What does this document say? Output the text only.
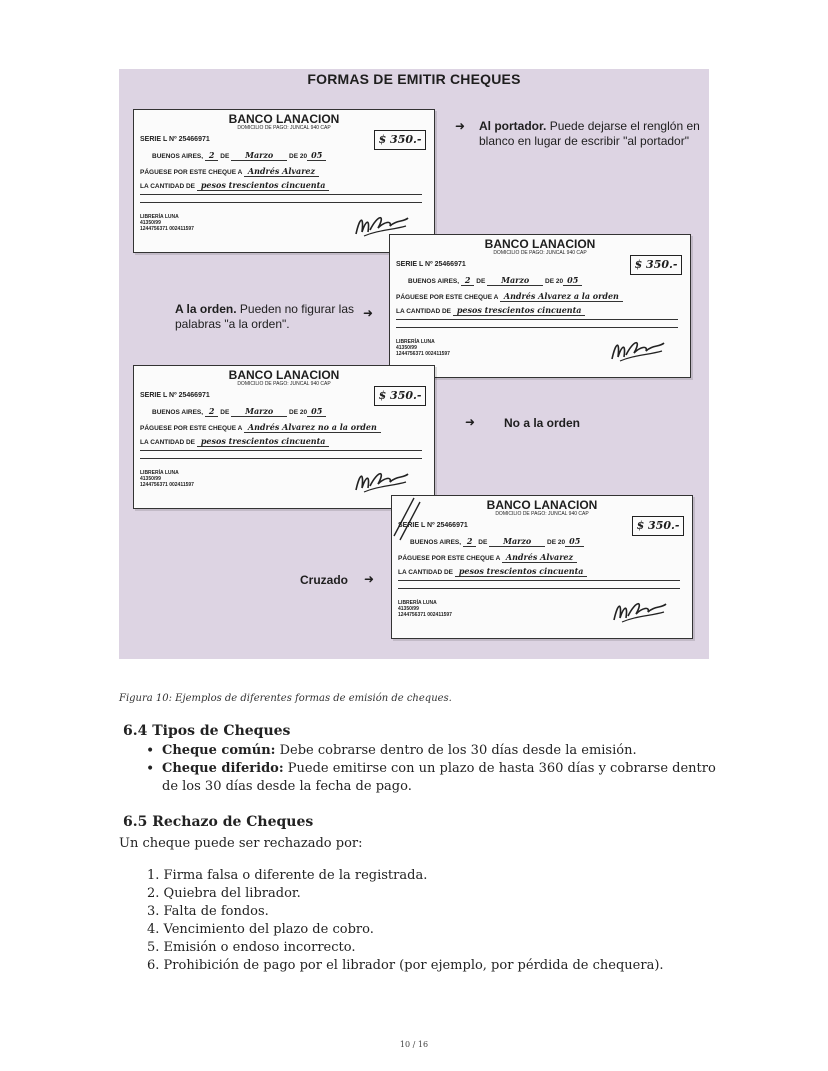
FORMAS DE EMITIR CHEQUES
➜ Al portador. Puede dejarse el renglón en blanco en lugar de escribir "al portador"
A la orden. Pueden no figurar las palabras "a la orden".
➜
➜ No a la orden
Cruzado ➜
BANCO LANACION
DOMICILIO DE PAGO: JUNCAL 940 CAP
SERIE L Nº 25466971	$ 350.-
BUENOS AIRES, 2 DE Marzo DE 20 05
PÁGUESE POR ESTE CHEQUE A Andrés Alvarez
LA CANTIDAD DE pesos trescientos cincuenta
LIBRERÍA LUNA
41350/99
1244756371 002411597
BANCO LANACION
DOMICILIO DE PAGO: JUNCAL 940 CAP
SERIE L Nº 25466971	$ 350.-
BUENOS AIRES, 2 DE Marzo DE 20 05
PÁGUESE POR ESTE CHEQUE A Andrés Alvarez a la orden
LA CANTIDAD DE pesos trescientos cincuenta
LIBRERÍA LUNA
41350/99
1244756371 002411597
BANCO LANACION
DOMICILIO DE PAGO: JUNCAL 940 CAP
SERIE L Nº 25466971	$ 350.-
BUENOS AIRES, 2 DE Marzo DE 20 05
PÁGUESE POR ESTE CHEQUE A Andrés Alvarez no a la orden
LA CANTIDAD DE pesos trescientos cincuenta
LIBRERÍA LUNA
41350/99
1244756371 002411597
BANCO LANACION
DOMICILIO DE PAGO: JUNCAL 940 CAP
SERIE L Nº 25466971	$ 350.-
BUENOS AIRES, 2 DE Marzo DE 20 05
PÁGUESE POR ESTE CHEQUE A Andrés Alvarez
LA CANTIDAD DE pesos trescientos cincuenta
LIBRERÍA LUNA
41350/99
1244756371 002411597
Figura 10: Ejemplos de diferentes formas de emisión de cheques.
6.4 Tipos de Cheques
• Cheque común: Debe cobrarse dentro de los 30 días desde la emisión.
• Cheque diferido: Puede emitirse con un plazo de hasta 360 días y cobrarse dentro de los 30 días desde la fecha de pago.
6.5 Rechazo de Cheques
Un cheque puede ser rechazado por:
1. Firma falsa o diferente de la registrada.
2. Quiebra del librador.
3. Falta de fondos.
4. Vencimiento del plazo de cobro.
5. Emisión o endoso incorrecto.
6. Prohibición de pago por el librador (por ejemplo, por pérdida de chequera).
10 / 16
